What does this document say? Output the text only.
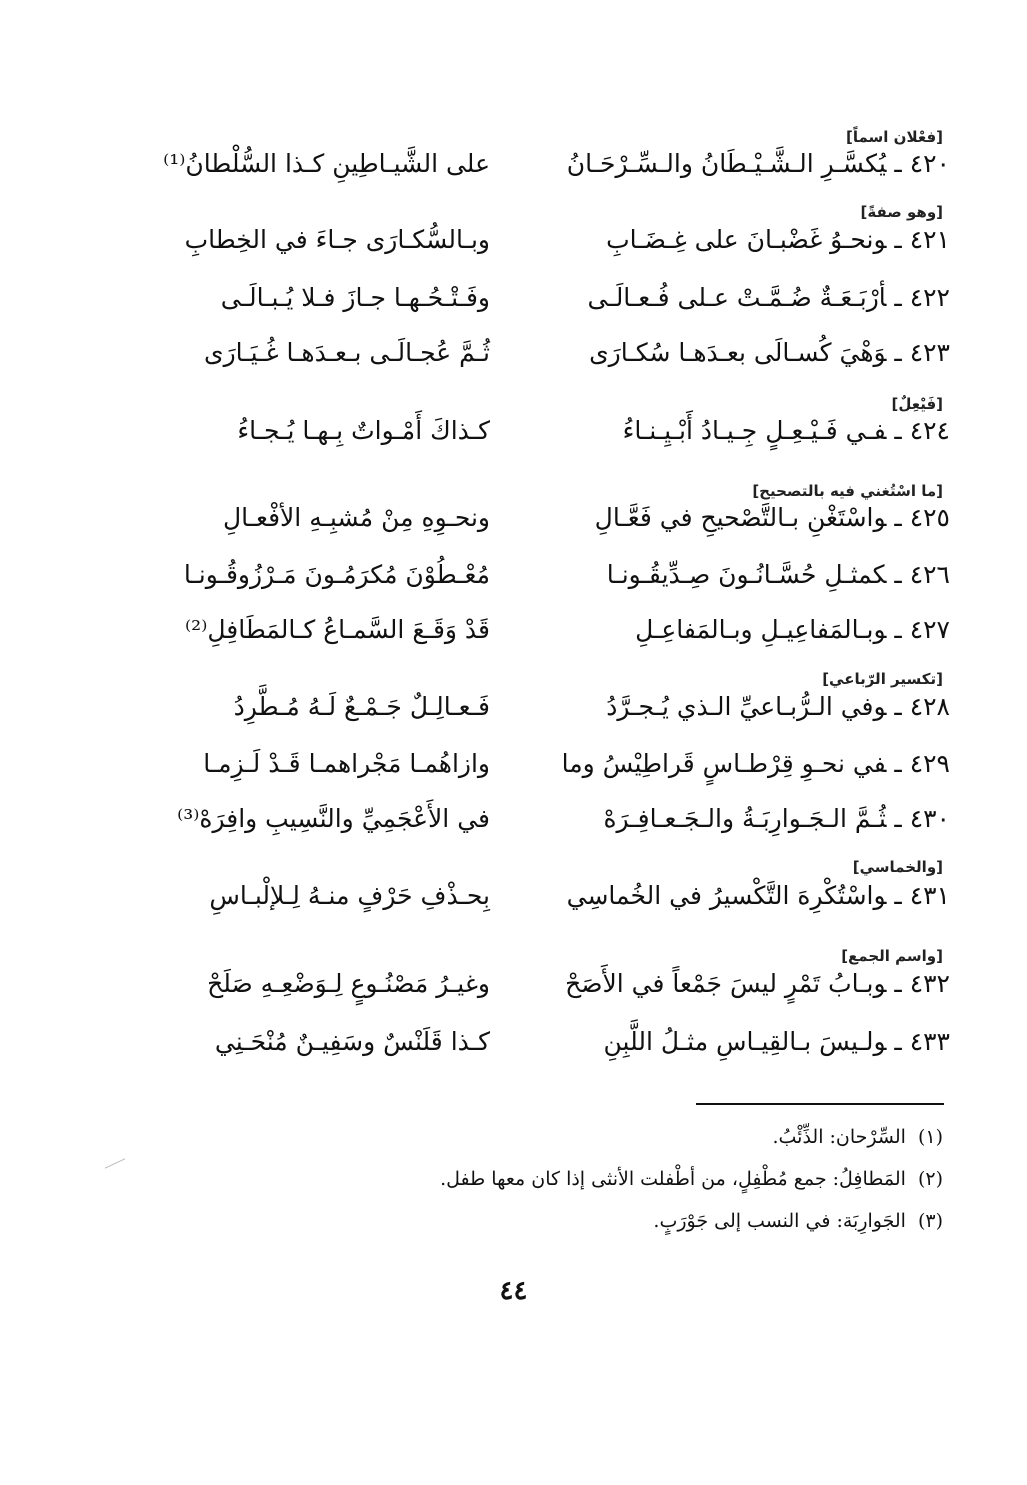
[فعْلان اسماً]
[وهو صفةً]
[فَيْعِلٌ]
[ما اسْتُغني فيه بالتصحيح]
[تكسير الرّباعي]
[والخماسي]
[واسم الجمع]
٤٢٠ ـيُكسَّـرِ الـشَّـيْـطَانُ والـسِّـرْحَـانُ
على الشَّيـاطِينِ كـذا السُّلْطانُ⁽¹⁾
٤٢١ ـونحـوُ غَضْبـانَ على غِـضَـابِ
وبـالسُّكـارَى جـاءَ في الخِطابِ
٤٢٢ ـأرْبَـعَـةٌ ضُـمَّـتْ عـلى فُـعـالَـى
وفَـتْـحُـهـا جـازَ فـلا يُـبـالَـى
٤٢٣ ـوَهْيَ كُسـالَى بعـدَهـا سُكـارَى
ثُـمَّ عُجـالَـى بـعـدَهـا غُـيَـارَى
٤٢٤ ـفـي فَـيْـعِـلٍ جِـيـادُ أَبْـيِـنـاءُ
كـذاكَ أَمْـواتٌ بِـهـا يُـجـاءُ
٤٢٥ ـواسْتَغْنِ بـالتَّصْحيحِ في فَعَّـالِ
ونحـوِهِ مِنْ مُشبِـهِ الأفْعـالِ
٤٢٦ ـكمثـلِ حُسَّـانُـونَ صِـدِّيقُـونـا
مُعْـطُوْنَ مُكرَمُـونَ مَـرْزُوقُـونـا
٤٢٧ ـوبـالمَفاعِيـلِ وبـالمَفاعِـلِ
قَدْ وَقَـعَ السَّمـاعُ كـالمَطَافِلِ⁽²⁾
٤٢٨ ـوفي الـرُّبـاعيِّ الـذي يُـجـرَّدُ
فَـعـالِـلٌ جَـمْـعٌ لَـهُ مُـطَّرِدُ
٤٢٩ ـفي نحـوِ قِرْطـاسٍ قَراطِيْسُ وما
وازاهُمـا مَجْراهمـا قَـدْ لَـزِمـا
٤٣٠ ـثُـمَّ الـجَـوارِبَـةُ والـجَـعـافِـرَهْ
في الأَعْجَمِيِّ والنَّسِيبِ وافِرَهْ⁽³⁾
٤٣١ ـواسْتُكْرِهَ التَّكْسيرُ في الخُماسِي
بِحـذْفِ حَرْفٍ منـهُ لِـلإلْبـاسِ
٤٣٢ ـوبـابُ تَمْرٍ ليسَ جَمْعاً في الأَصَحْ
وغيـرُ مَصْنُـوعٍ لِـوَضْعِـهِ صَلَحْ
٤٣٣ ـولـيسَ بـالقِيـاسِ مثـلُ اللَّبِنِ
كـذا قَلَنْسٌ وسَفِيـنٌ مُنْحَـنِي
(١)السِّرْحان: الذِّئْبُ.
(٢)المَطافِلُ: جمع مُطْفِلٍ، من أطْفلت الأنثى إذا كان معها طفل.
(٣)الجَوارِبَة: في النسب إلى جَوْرَبٍ.
٤٤
